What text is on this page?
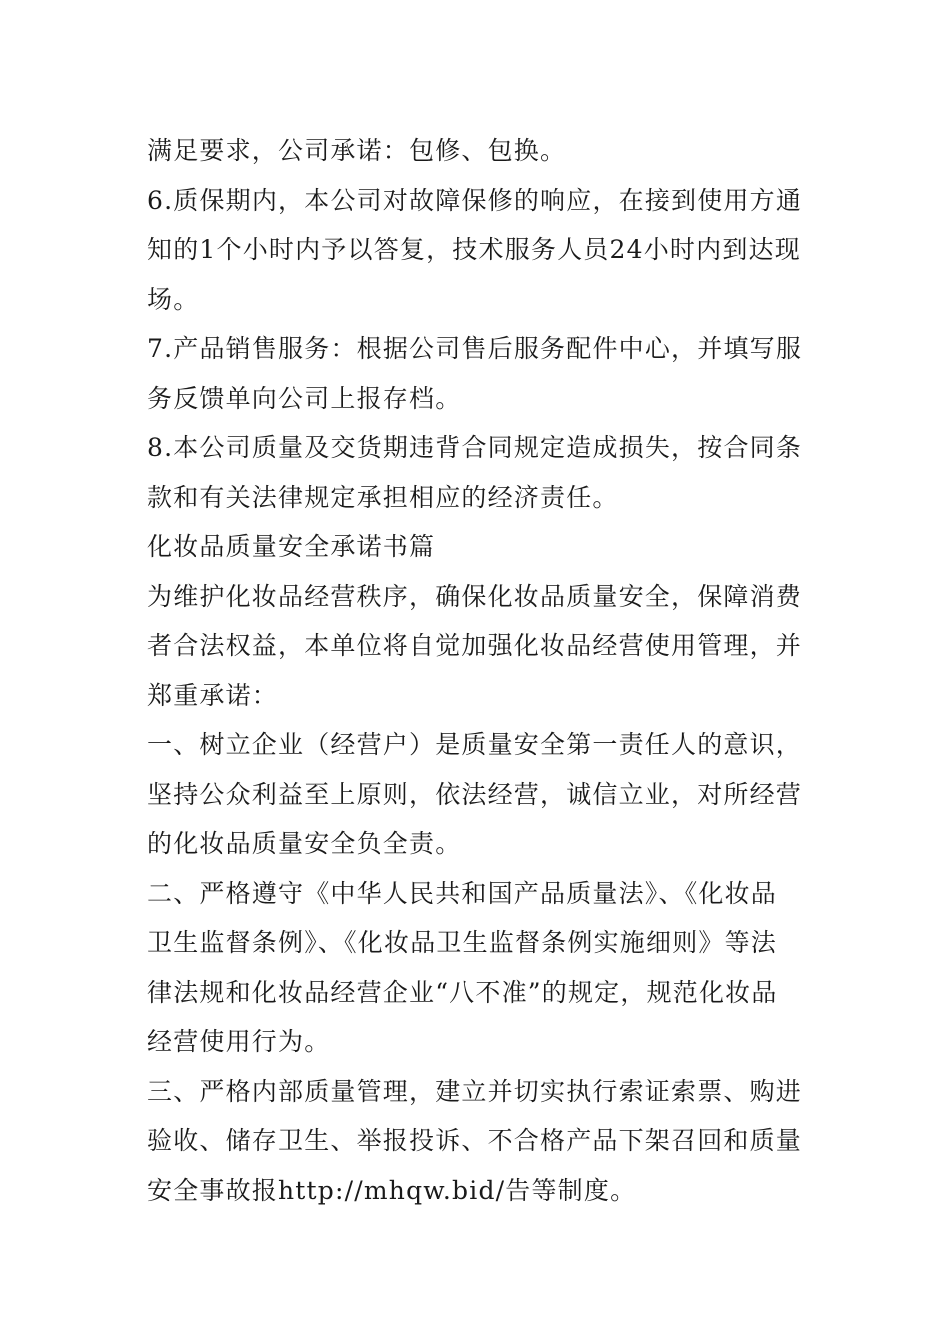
满足要求，公司承诺：包修、包换。
6.质保期内，本公司对故障保修的响应，在接到使用方通
知的1个小时内予以答复，技术服务人员24小时内到达现
场。
7.产品销售服务：根据公司售后服务配件中心，并填写服
务反馈单向公司上报存档。
8.本公司质量及交货期违背合同规定造成损失，按合同条
款和有关法律规定承担相应的经济责任。
化妆品质量安全承诺书篇
为维护化妆品经营秩序，确保化妆品质量安全，保障消费
者合法权益，本单位将自觉加强化妆品经营使用管理，并
郑重承诺：
一、树立企业（经营户）是质量安全第一责任人的意识，
坚持公众利益至上原则，依法经营，诚信立业，对所经营
的化妆品质量安全负全责。
二、严格遵守《中华人民共和国产品质量法》、《化妆品
卫生监督条例》、《化妆品卫生监督条例实施细则》等法
律法规和化妆品经营企业“八不准”的规定，规范化妆品
经营使用行为。
三、严格内部质量管理，建立并切实执行索证索票、购进
验收、储存卫生、举报投诉、不合格产品下架召回和质量
安全事故报http://mhqw.bid/告等制度。
